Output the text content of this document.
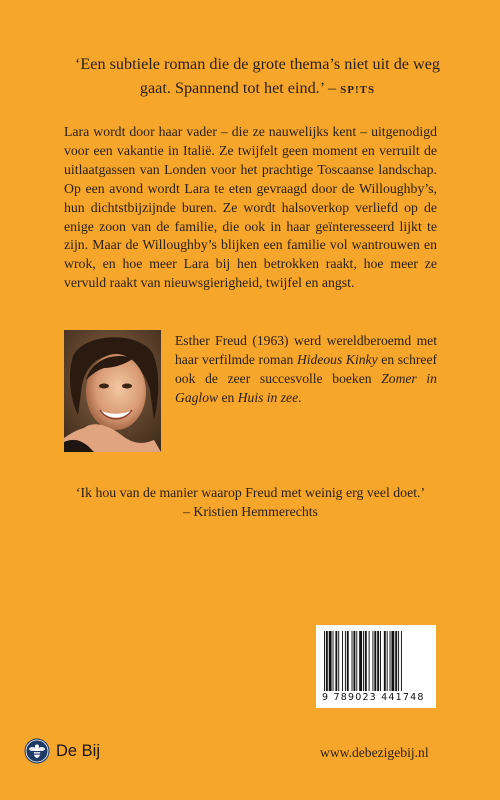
‘Een subtiele roman die de grote thema’s niet uit de weg gaat. Spannend tot het eind.’ – SP!TS
Lara wordt door haar vader – die ze nauwelijks kent – uitgenodigd voor een vakantie in Italië. Ze twijfelt geen moment en verruilt de uitlaatgassen van Londen voor het prachtige Toscaanse landschap. Op een avond wordt Lara te eten gevraagd door de Willoughby’s, hun dichtstbijzijnde buren. Ze wordt halsoverkop verliefd op de enige zoon van de familie, die ook in haar geïnteresseerd lijkt te zijn. Maar de Willoughby’s blijken een familie vol wantrouwen en wrok, en hoe meer Lara bij hen betrokken raakt, hoe meer ze vervuld raakt van nieuwsgierigheid, twijfel en angst.
Esther Freud (1963) werd wereldberoemd met haar verfilmde roman Hideous Kinky en schreef ook de zeer succesvolle boeken Zomer in Gaglow en Huis in zee.
‘Ik hou van de manier waarop Freud met weinig erg veel doet.’
– Kristien Hemmerechts
9 789023 441748
De Bij	www.debezigebij.nl
